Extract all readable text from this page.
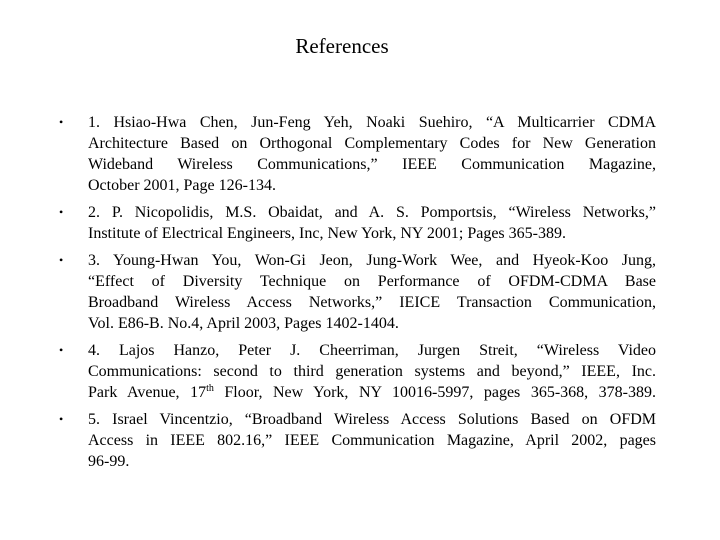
References
• 1. Hsiao-Hwa Chen, Jun-Feng Yeh, Noaki Suehiro, “A Multicarrier CDMA
Architecture Based on Orthogonal Complementary Codes for New Generation
Wideband Wireless Communications,” IEEE Communication Magazine,
October 2001, Page 126-134.
• 2. P. Nicopolidis, M.S. Obaidat, and A. S. Pomportsis, “Wireless Networks,”
Institute of Electrical Engineers, Inc, New York, NY 2001; Pages 365-389.
• 3. Young-Hwan You, Won-Gi Jeon, Jung-Work Wee, and Hyeok-Koo Jung,
“Effect of Diversity Technique on Performance of OFDM-CDMA Base
Broadband Wireless Access Networks,” IEICE Transaction Communication,
Vol. E86-B. No.4, April 2003, Pages 1402-1404.
• 4. Lajos Hanzo, Peter J. Cheerriman, Jurgen Streit, “Wireless Video
Communications: second to third generation systems and beyond,” IEEE, Inc.
Park Avenue, 17th Floor, New York, NY 10016-5997, pages 365-368, 378-389.
• 5. Israel Vincentzio, “Broadband Wireless Access Solutions Based on OFDM
Access in IEEE 802.16,” IEEE Communication Magazine, April 2002, pages
96-99.
